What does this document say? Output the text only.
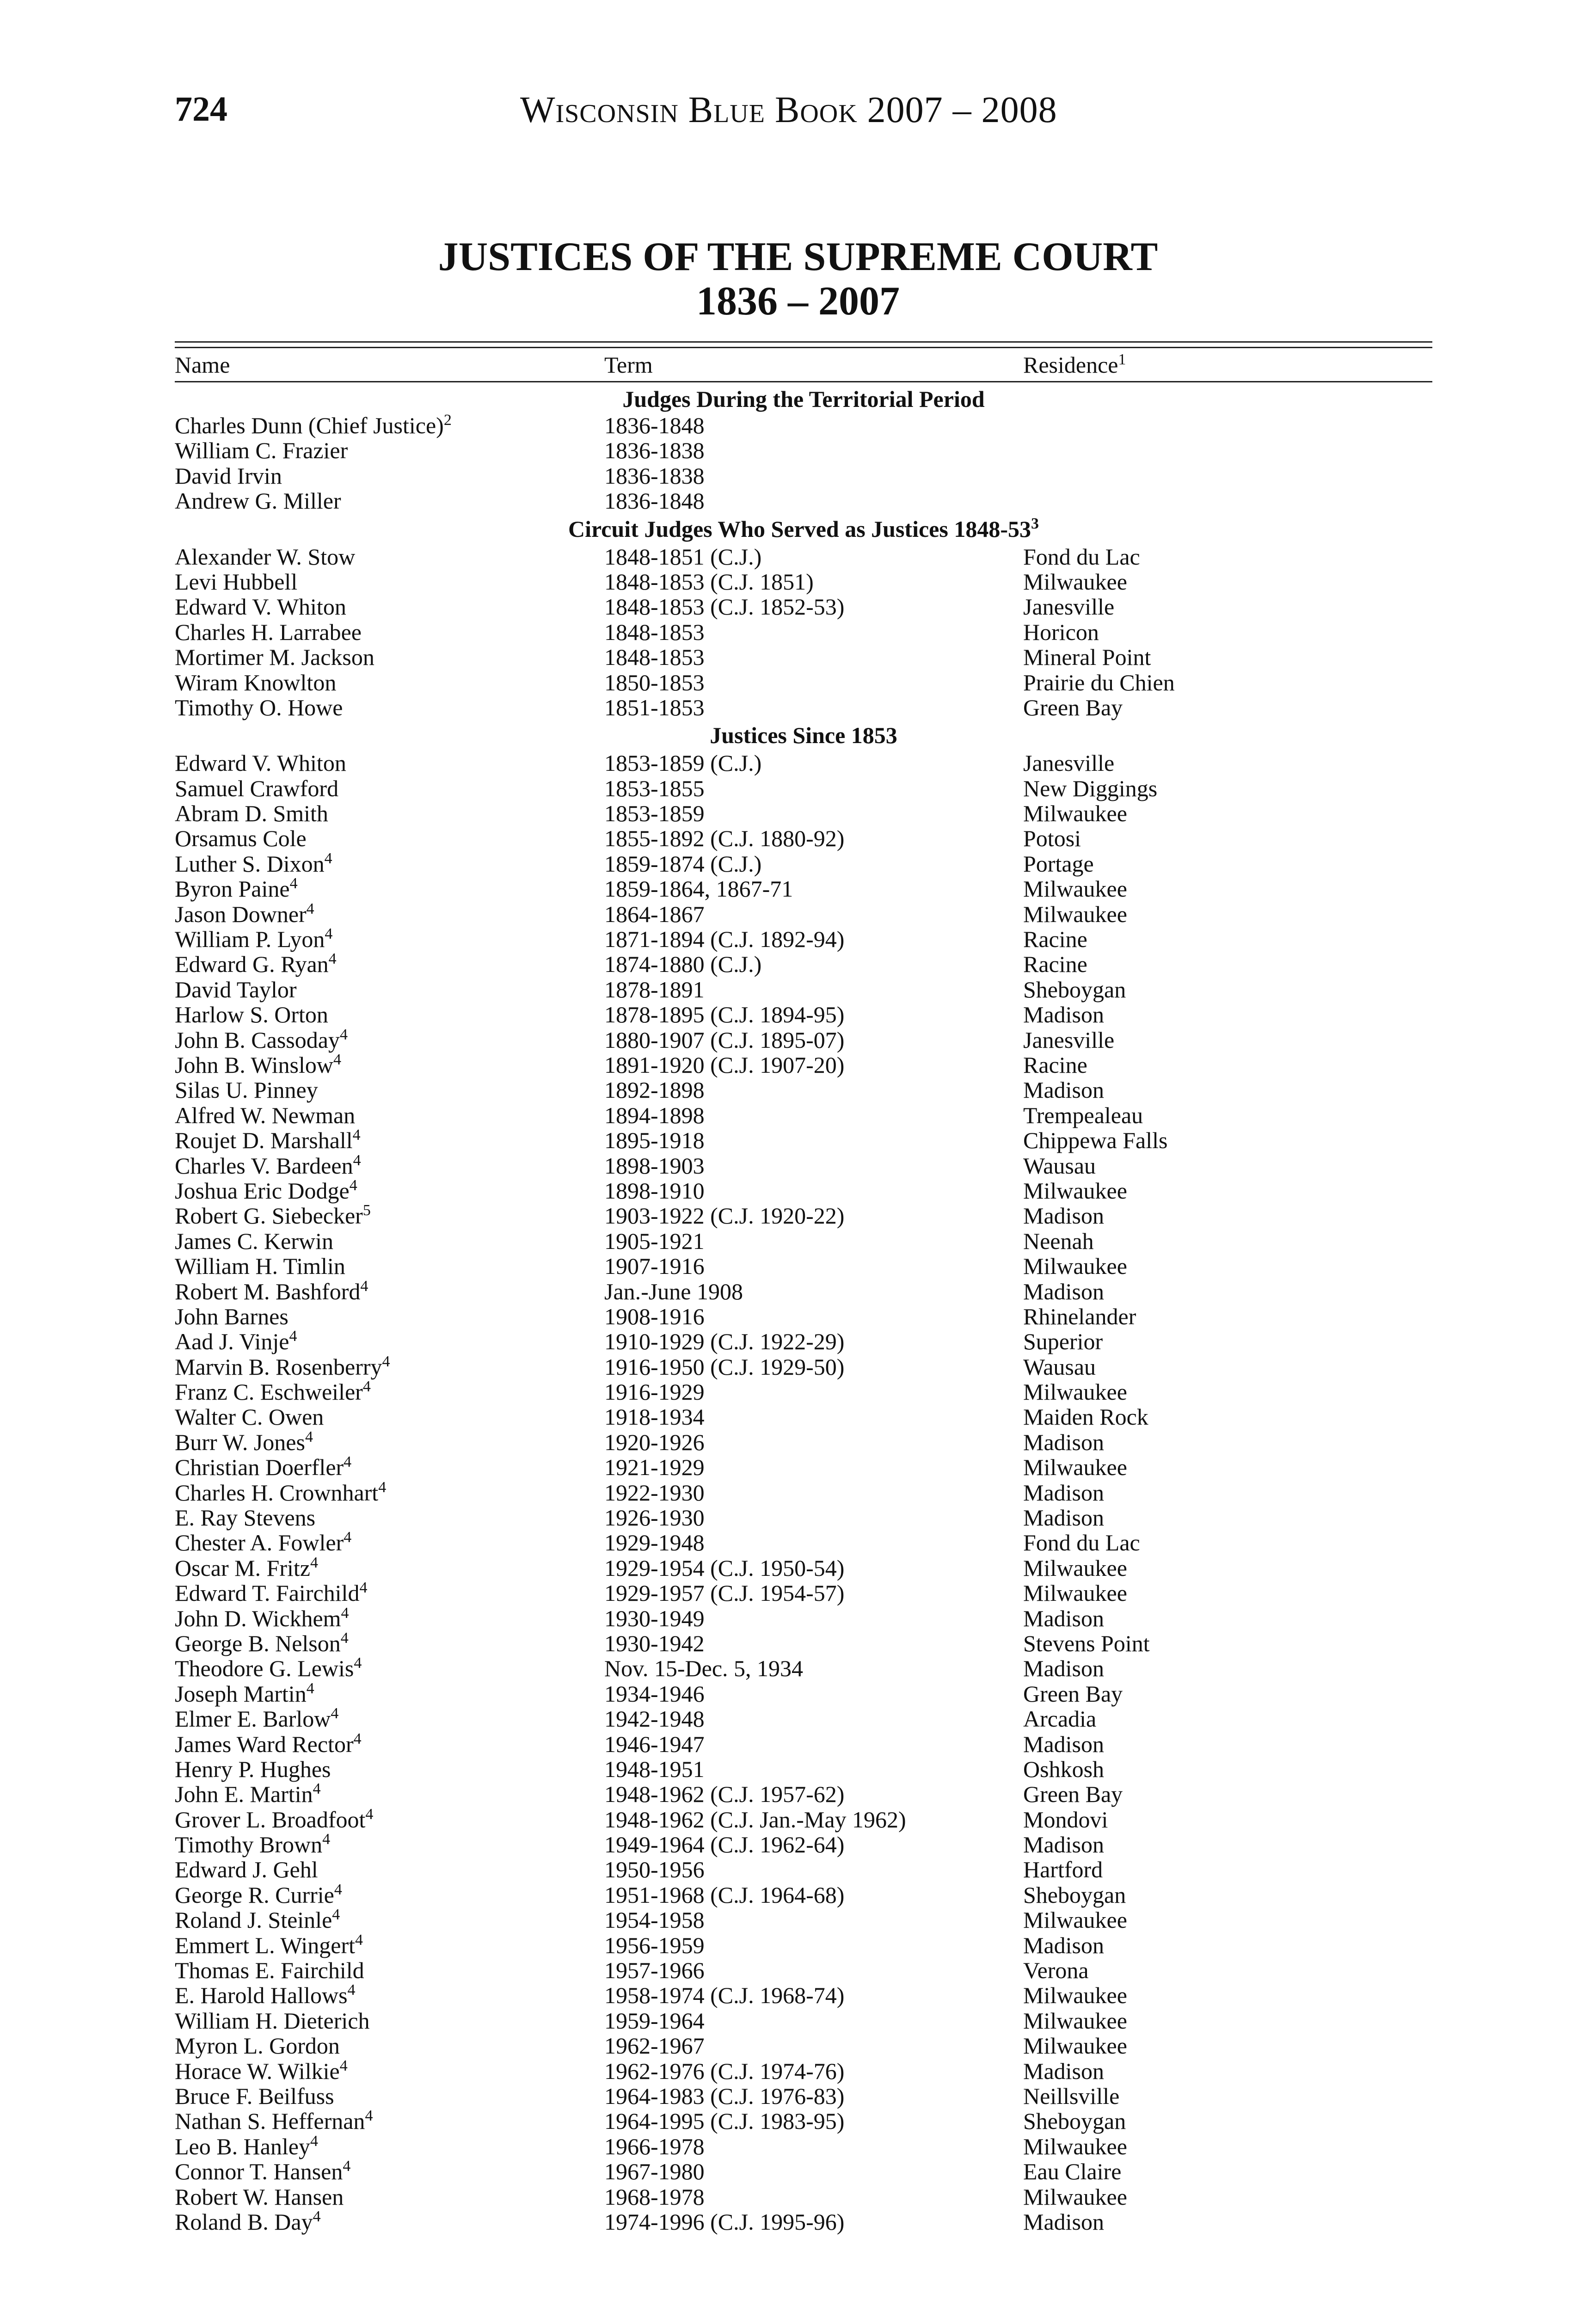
724	Wisconsin Blue Book 2007 – 2008
JUSTICES OF THE SUPREME COURT
1836 – 2007
Name	Term	Residence$^1$
Judges During the Territorial Period
Charles Dunn (Chief Justice)$^2$	1836-1848
William C. Frazier	1836-1838
David Irvin	1836-1838
Andrew G. Miller	1836-1848
Circuit Judges Who Served as Justices $1848-53^3$
Alexander W. Stow	1848-1851 (C.J.)	Fond du Lac
Levi Hubbell	1848-1853 (C.J. 1851)	Milwaukee
Edward V. Whiton	1848-1853 (C.J. 1852-53)	Janesville
Charles H. Larrabee	1848-1853	Horicon
Mortimer M. Jackson	1848-1853	Mineral Point
Wiram Knowlton	1850-1853	Prairie du Chien
Timothy O. Howe	1851-1853	Green Bay
Justices Since 1853
Edward V. Whiton	1853-1859 (C.J.)	Janesville
Samuel Crawford	1853-1855	New Diggings
Abram D. Smith	1853-1859	Milwaukee
Orsamus Cole	1855-1892 (C.J. 1880-92)	Potosi
Luther S. Dixon$^4$	1859-1874 (C.J.)	Portage
Byron Paine$^4$	1859-1864, 1867-71	Milwaukee
Jason Downer$^4$	1864-1867	Milwaukee
William P. Lyon$^4$	1871-1894 (C.J. 1892-94)	Racine
Edward G. Ryan$^4$	1874-1880 (C.J.)	Racine
David Taylor	1878-1891	Sheboygan
Harlow S. Orton	1878-1895 (C.J. 1894-95)	Madison
John B. Cassoday$^4$	1880-1907 (C.J. 1895-07)	Janesville
John B. Winslow$^4$	1891-1920 (C.J. 1907-20)	Racine
Silas U. Pinney	1892-1898	Madison
Alfred W. Newman	1894-1898	Trempealeau
Roujet D. Marshall$^4$	1895-1918	Chippewa Falls
Charles V. Bardeen$^4$	1898-1903	Wausau
Joshua Eric Dodge$^4$	1898-1910	Milwaukee
Robert G. Siebecker$^5$	1903-1922 (C.J. 1920-22)	Madison
James C. Kerwin	1905-1921	Neenah
William H. Timlin	1907-1916	Milwaukee
Robert M. Bashford$^4$	Jan.-June 1908	Madison
John Barnes	1908-1916	Rhinelander
Aad J. Vinje$^4$	1910-1929 (C.J. 1922-29)	Superior
Marvin B. Rosenberry$^4$	1916-1950 (C.J. 1929-50)	Wausau
Franz C. Eschweiler$^4$	1916-1929	Milwaukee
Walter C. Owen	1918-1934	Maiden Rock
Burr W. Jones$^4$	1920-1926	Madison
Christian Doerfler$^4$	1921-1929	Milwaukee
Charles H. Crownhart$^4$	1922-1930	Madison
E. Ray Stevens	1926-1930	Madison
Chester A. Fowler$^4$	1929-1948	Fond du Lac
Oscar M. Fritz$^4$	1929-1954 (C.J. 1950-54)	Milwaukee
Edward T. Fairchild$^4$	1929-1957 (C.J. 1954-57)	Milwaukee
John D. Wickhem$^4$	1930-1949	Madison
George B. Nelson$^4$	1930-1942	Stevens Point
Theodore G. Lewis$^4$	Nov. 15-Dec. 5, 1934	Madison
Joseph Martin$^4$	1934-1946	Green Bay
Elmer E. Barlow$^4$	1942-1948	Arcadia
James Ward Rector$^4$	1946-1947	Madison
Henry P. Hughes	1948-1951	Oshkosh
John E. Martin$^4$	1948-1962 (C.J. 1957-62)	Green Bay
Grover L. Broadfoot$^4$	1948-1962 (C.J. Jan.-May 1962)	Mondovi
Timothy Brown$^4$	1949-1964 (C.J. 1962-64)	Madison
Edward J. Gehl	1950-1956	Hartford
George R. Currie$^4$	1951-1968 (C.J. 1964-68)	Sheboygan
Roland J. Steinle$^4$	1954-1958	Milwaukee
Emmert L. Wingert$^4$	1956-1959	Madison
Thomas E. Fairchild	1957-1966	Verona
E. Harold Hallows$^4$	1958-1974 (C.J. 1968-74)	Milwaukee
William H. Dieterich	1959-1964	Milwaukee
Myron L. Gordon	1962-1967	Milwaukee
Horace W. Wilkie$^4$	1962-1976 (C.J. 1974-76)	Madison
Bruce F. Beilfuss	1964-1983 (C.J. 1976-83)	Neillsville
Nathan S. Heffernan$^4$	1964-1995 (C.J. 1983-95)	Sheboygan
Leo B. Hanley$^4$	1966-1978	Milwaukee
Connor T. Hansen$^4$	1967-1980	Eau Claire
Robert W. Hansen	1968-1978	Milwaukee
Roland B. Day$^4$	1974-1996 (C.J. 1995-96)	Madison
